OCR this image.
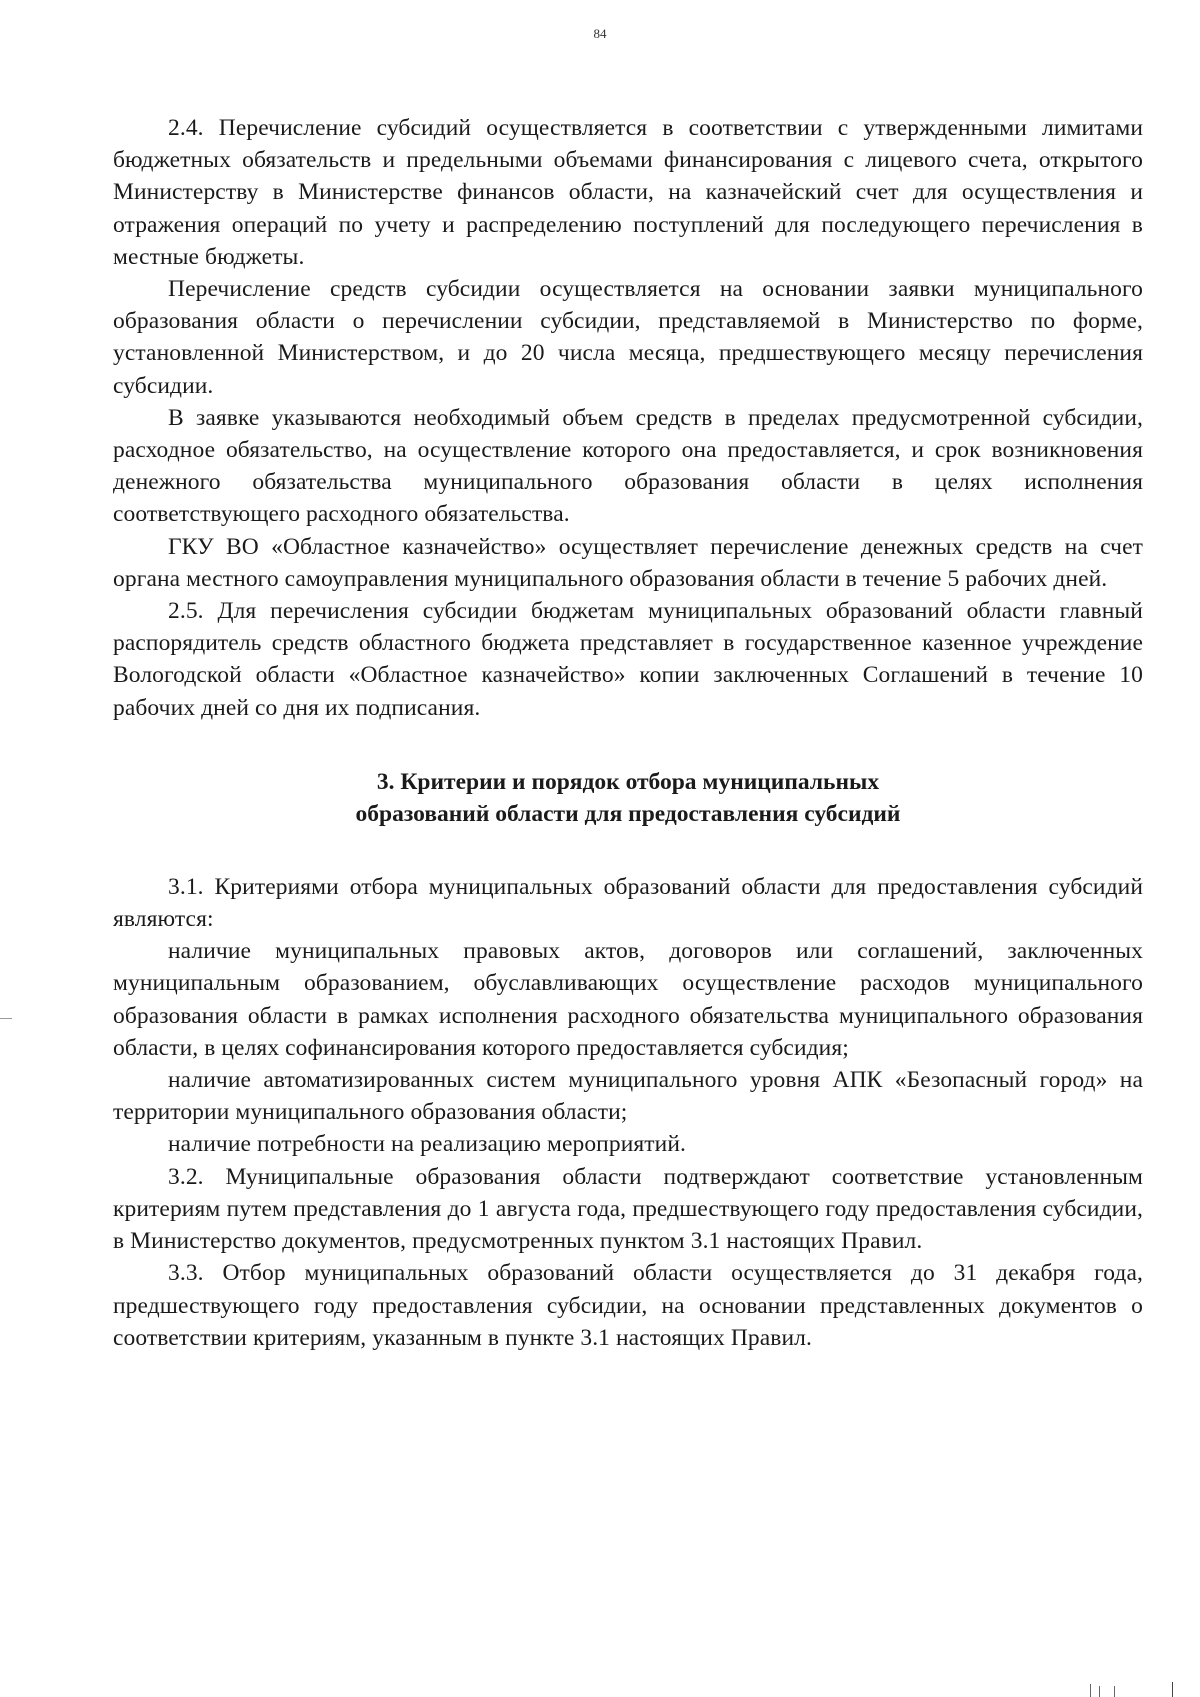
84

2.4. Перечисление субсидий осуществляется в соответствии с утвержденными лимитами бюджетных обязательств и предельными объемами финансирования с лицевого счета, открытого Министерству в Министерстве финансов области, на казначейский счет для осуществления и отражения операций по учету и распределению поступлений для последующего перечисления в местные бюджеты.

Перечисление средств субсидии осуществляется на основании заявки муниципального образования области о перечислении субсидии, представляемой в Министерство по форме, установленной Министерством, и до 20 числа месяца, предшествующего месяцу перечисления субсидии.

В заявке указываются необходимый объем средств в пределах предусмотренной субсидии, расходное обязательство, на осуществление которого она предоставляется, и срок возникновения денежного обязательства муниципального образования области в целях исполнения соответствующего расходного обязательства.

ГКУ ВО «Областное казначейство» осуществляет перечисление денежных средств на счет органа местного самоуправления муниципального образования области в течение 5 рабочих дней.

2.5. Для перечисления субсидии бюджетам муниципальных образований области главный распорядитель средств областного бюджета представляет в государственное казенное учреждение Вологодской области «Областное казначейство» копии заключенных Соглашений в течение 10 рабочих дней со дня их подписания.

3. Критерии и порядок отбора муниципальных
образований области для предоставления субсидий

3.1. Критериями отбора муниципальных образований области для предоставления субсидий являются:

наличие муниципальных правовых актов, договоров или соглашений, заключенных муниципальным образованием, обуславливающих осуществление расходов муниципального образования области в рамках исполнения расходного обязательства муниципального образования области, в целях софинансирования которого предоставляется субсидия;

наличие автоматизированных систем муниципального уровня АПК «Безопасный город» на территории муниципального образования области;

наличие потребности на реализацию мероприятий.

3.2. Муниципальные образования области подтверждают соответствие установленным критериям путем представления до 1 августа года, предшествующего году предоставления субсидии, в Министерство документов, предусмотренных пунктом 3.1 настоящих Правил.

3.3. Отбор муниципальных образований области осуществляется до 31 декабря года, предшествующего году предоставления субсидии, на основании представленных документов о соответствии критериям, указанным в пункте 3.1 настоящих Правил.
